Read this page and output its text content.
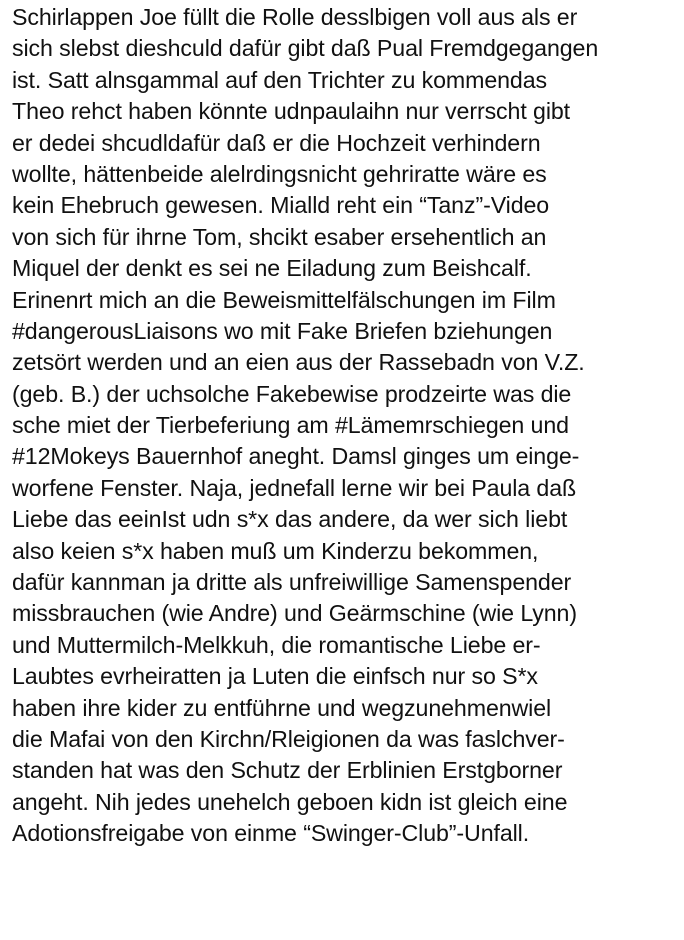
Schirlappen Joe füllt die Rolle desslbigen voll aus als er
sich slebst dieshculd dafür gibt daß Pual Fremdgegangen
ist. Satt alnsgammal auf den Trichter zu kommendas
Theo rehct haben könnte udnpaulaihn nur verrscht gibt
er dedei shcudldafür daß er die Hochzeit verhindern
wollte, hättenbeide alelrdingsnicht gehriratte wäre es
kein Ehebruch gewesen. Mialld reht ein “Tanz”-Video
von sich für ihrne Tom, shcikt esaber ersehentlich an
Miquel der denkt es sei ne Eiladung zum Beishcalf.
Erinenrt mich an die Beweismittelfälschungen im Film
#dangerousLiaisons wo mit Fake Briefen bziehungen
zetsört werden und an eien aus der Rassebadn von V.Z.
(geb. B.) der uchsolche Fakebewise prodzeirte was die
sche miet der Tierbeferiung am #Lämemrschiegen und
#12Mokeys Bauernhof aneght. Damsl ginges um einge-
worfene Fenster. Naja, jednefall lerne wir bei Paula daß
Liebe das eeinIst udn s*x das andere, da wer sich liebt
also keien s*x haben muß um Kinderzu bekommen,
dafür kannman ja dritte als unfreiwillige Samenspender
missbrauchen (wie Andre) und Geärmschine (wie Lynn)
und Muttermilch-Melkkuh, die romantische Liebe er-
Laubtes evrheiratten ja Luten die einfsch nur so S*x
haben ihre kider zu entführne und wegzunehmenwiel
die Mafai von den Kirchn/Rleigionen da was faslchver-
standen hat was den Schutz der Erblinien Erstgborner
angeht. Nih jedes unehelch geboen kidn ist gleich eine
Adotionsfreigabe von einme “Swinger-Club”-Unfall.
